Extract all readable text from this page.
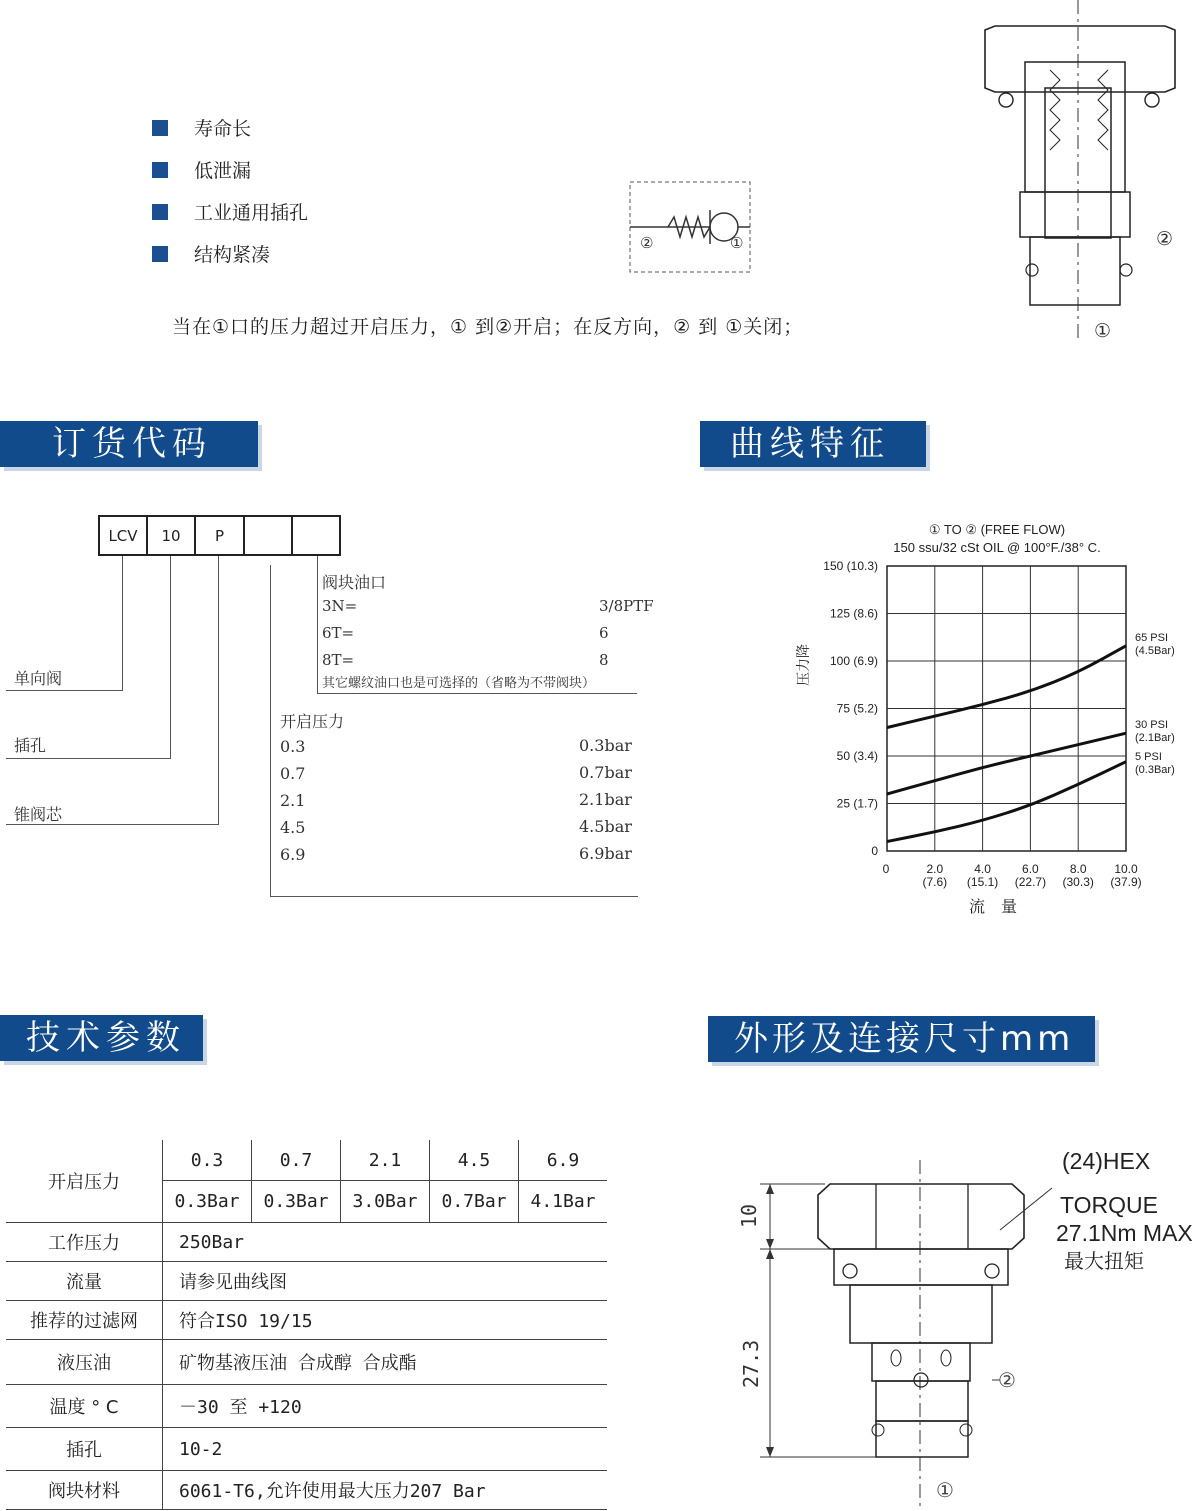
寿命长
低泄漏
工业通用插孔
结构紧凑
②	①	②
①
当在①口的压力超过开启压力，① 到②开启；在反方向，② 到 ①关闭；
订货代码	曲线特征
技术参数	外形及连接尺寸mm
LCV	10	P
单向阀
插孔
锥阀芯
阀块油口
3N=	3/8PTF
6T=	6
8T=	8
其它螺纹油口也是可选择的（省略为不带阀块）
开启压力
0.3	0.3bar
0.7	0.7bar
2.1	2.1bar
4.5	4.5bar
6.9	6.9bar
① TO ② (FREE FLOW)
150 ssu/32 cSt OIL @ 100°F./38° C.
150 (10.3)
125 (8.6)
100 (6.9)
75 (5.2)
50 (3.4)
25 (1.7)
0
0	2.0
(7.6)
4.0
(15.1)
6.0
(22.7)
8.0
(30.3)
10.0
(37.9)
压力降
流　量
65 PSI
(4.5Bar)
30 PSI
(2.1Bar)
5 PSI
(0.3Bar)
开启压力	0.3	0.7	2.1	4.5	6.9
	0.3Bar	0.3Bar	3.0Bar	0.7Bar	4.1Bar
工作压力	250Bar				
流量	请参见曲线图				
推荐的过滤网	符合ISO 19/15				
液压油	矿物基液压油 合成醇 合成酯				
温度 ° C	－30 至 +120				
插孔	10-2				
阀块材料	6061-T6,允许使用最大压力207 Bar				
10
27.3
(24)HEX
TORQUE
27.1Nm MAX
最大扭矩
②
①
